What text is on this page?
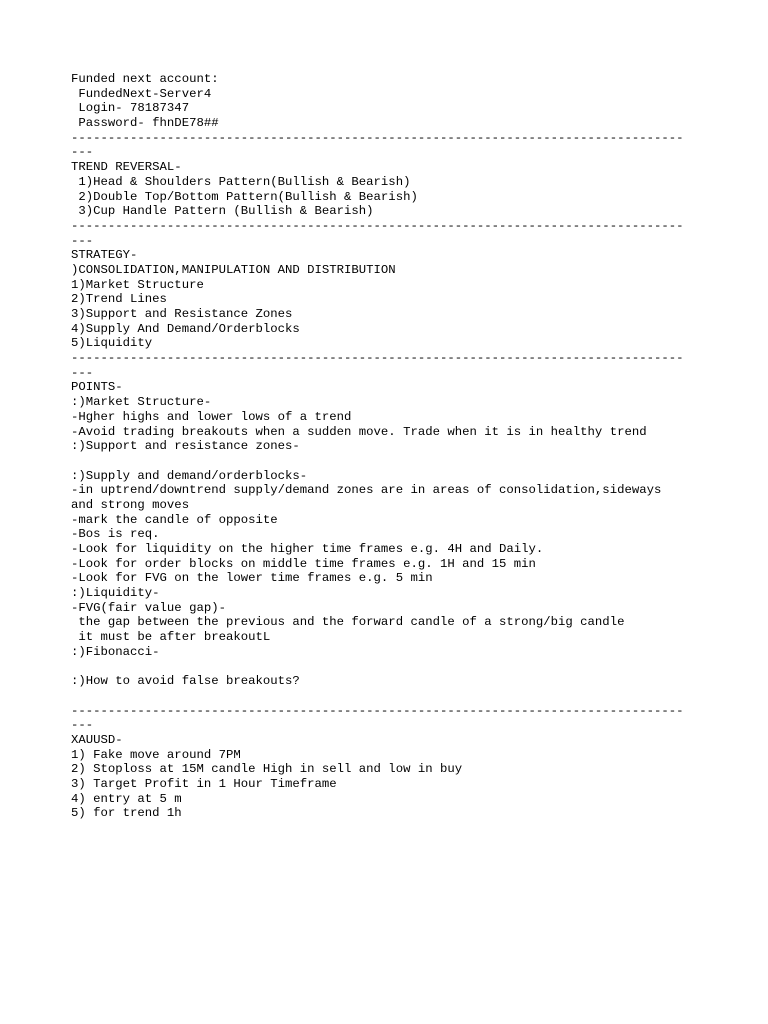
Funded next account:
FundedNext-Server4
Login- 78187347
Password- fhnDE78##
-----------------------------------------------------------------------------------
---
TREND REVERSAL-
1)Head & Shoulders Pattern(Bullish & Bearish)
2)Double Top/Bottom Pattern(Bullish & Bearish)
3)Cup Handle Pattern (Bullish & Bearish)
-----------------------------------------------------------------------------------
---
STRATEGY-
)CONSOLIDATION,MANIPULATION AND DISTRIBUTION
1)Market Structure
2)Trend Lines
3)Support and Resistance Zones
4)Supply And Demand/Orderblocks
5)Liquidity
-----------------------------------------------------------------------------------
---
POINTS-
:)Market Structure-
-Hgher highs and lower lows of a trend
-Avoid trading breakouts when a sudden move. Trade when it is in healthy trend
:)Support and resistance zones-
:)Supply and demand/orderblocks-
-in uptrend/downtrend supply/demand zones are in areas of consolidation,sideways
and strong moves
-mark the candle of opposite
-Bos is req.
-Look for liquidity on the higher time frames e.g. 4H and Daily.
-Look for order blocks on middle time frames e.g. 1H and 15 min
-Look for FVG on the lower time frames e.g. 5 min
:)Liquidity-
-FVG(fair value gap)-
the gap between the previous and the forward candle of a strong/big candle
it must be after breakoutL
:)Fibonacci-
:)How to avoid false breakouts?
-----------------------------------------------------------------------------------
---
XAUUSD-
1) Fake move around 7PM
2) Stoploss at 15M candle High in sell and low in buy
3) Target Profit in 1 Hour Timeframe
4) entry at 5 m
5) for trend 1h
